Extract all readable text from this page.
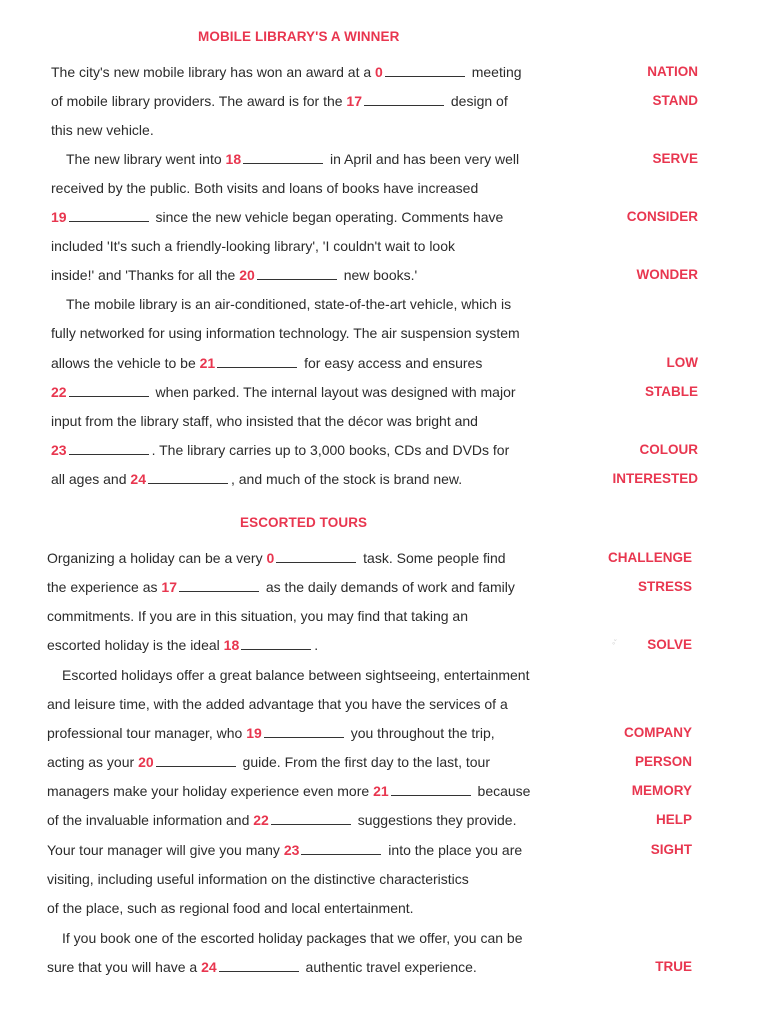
MOBILE LIBRARY'S A WINNER
The city's new mobile library has won an award at a 0	meeting
of mobile library providers. The award is for the 17	design of
this new vehicle.
The new library went into 18	in April and has been very well
received by the public. Both visits and loans of books have increased
19	since the new vehicle began operating. Comments have
included 'It's such a friendly-looking library', 'I couldn't wait to look
inside!' and 'Thanks for all the 20	new books.'
The mobile library is an air-conditioned, state-of-the-art vehicle, which is
fully networked for using information technology. The air suspension system
allows the vehicle to be 21	for easy access and ensures
22	when parked. The internal layout was designed with major
input from the library staff, who insisted that the décor was bright and
23	. The library carries up to 3,000 books, CDs and DVDs for
all ages and 24	, and much of the stock is brand new.
NATION
STAND
SERVE
CONSIDER
WONDER
LOW
STABLE
COLOUR
INTERESTED
ESCORTED TOURS
Organizing a holiday can be a very 0	task. Some people find
the experience as 17	as the daily demands of work and family
commitments. If you are in this situation, you may find that taking an
escorted holiday is the ideal 18	.
Escorted holidays offer a great balance between sightseeing, entertainment
and leisure time, with the added advantage that you have the services of a
professional tour manager, who 19	you throughout the trip,
acting as your 20	guide. From the first day to the last, tour
managers make your holiday experience even more 21	because
of the invaluable information and 22	suggestions they provide.
Your tour manager will give you many 23	into the place you are
visiting, including useful information on the distinctive characteristics
of the place, such as regional food and local entertainment.
If you book one of the escorted holiday packages that we offer, you can be
sure that you will have a 24	authentic travel experience.
CHALLENGE
STRESS
SOLVE
COMPANY
PERSON
MEMORY
HELP
SIGHT
TRUE
◦̆
